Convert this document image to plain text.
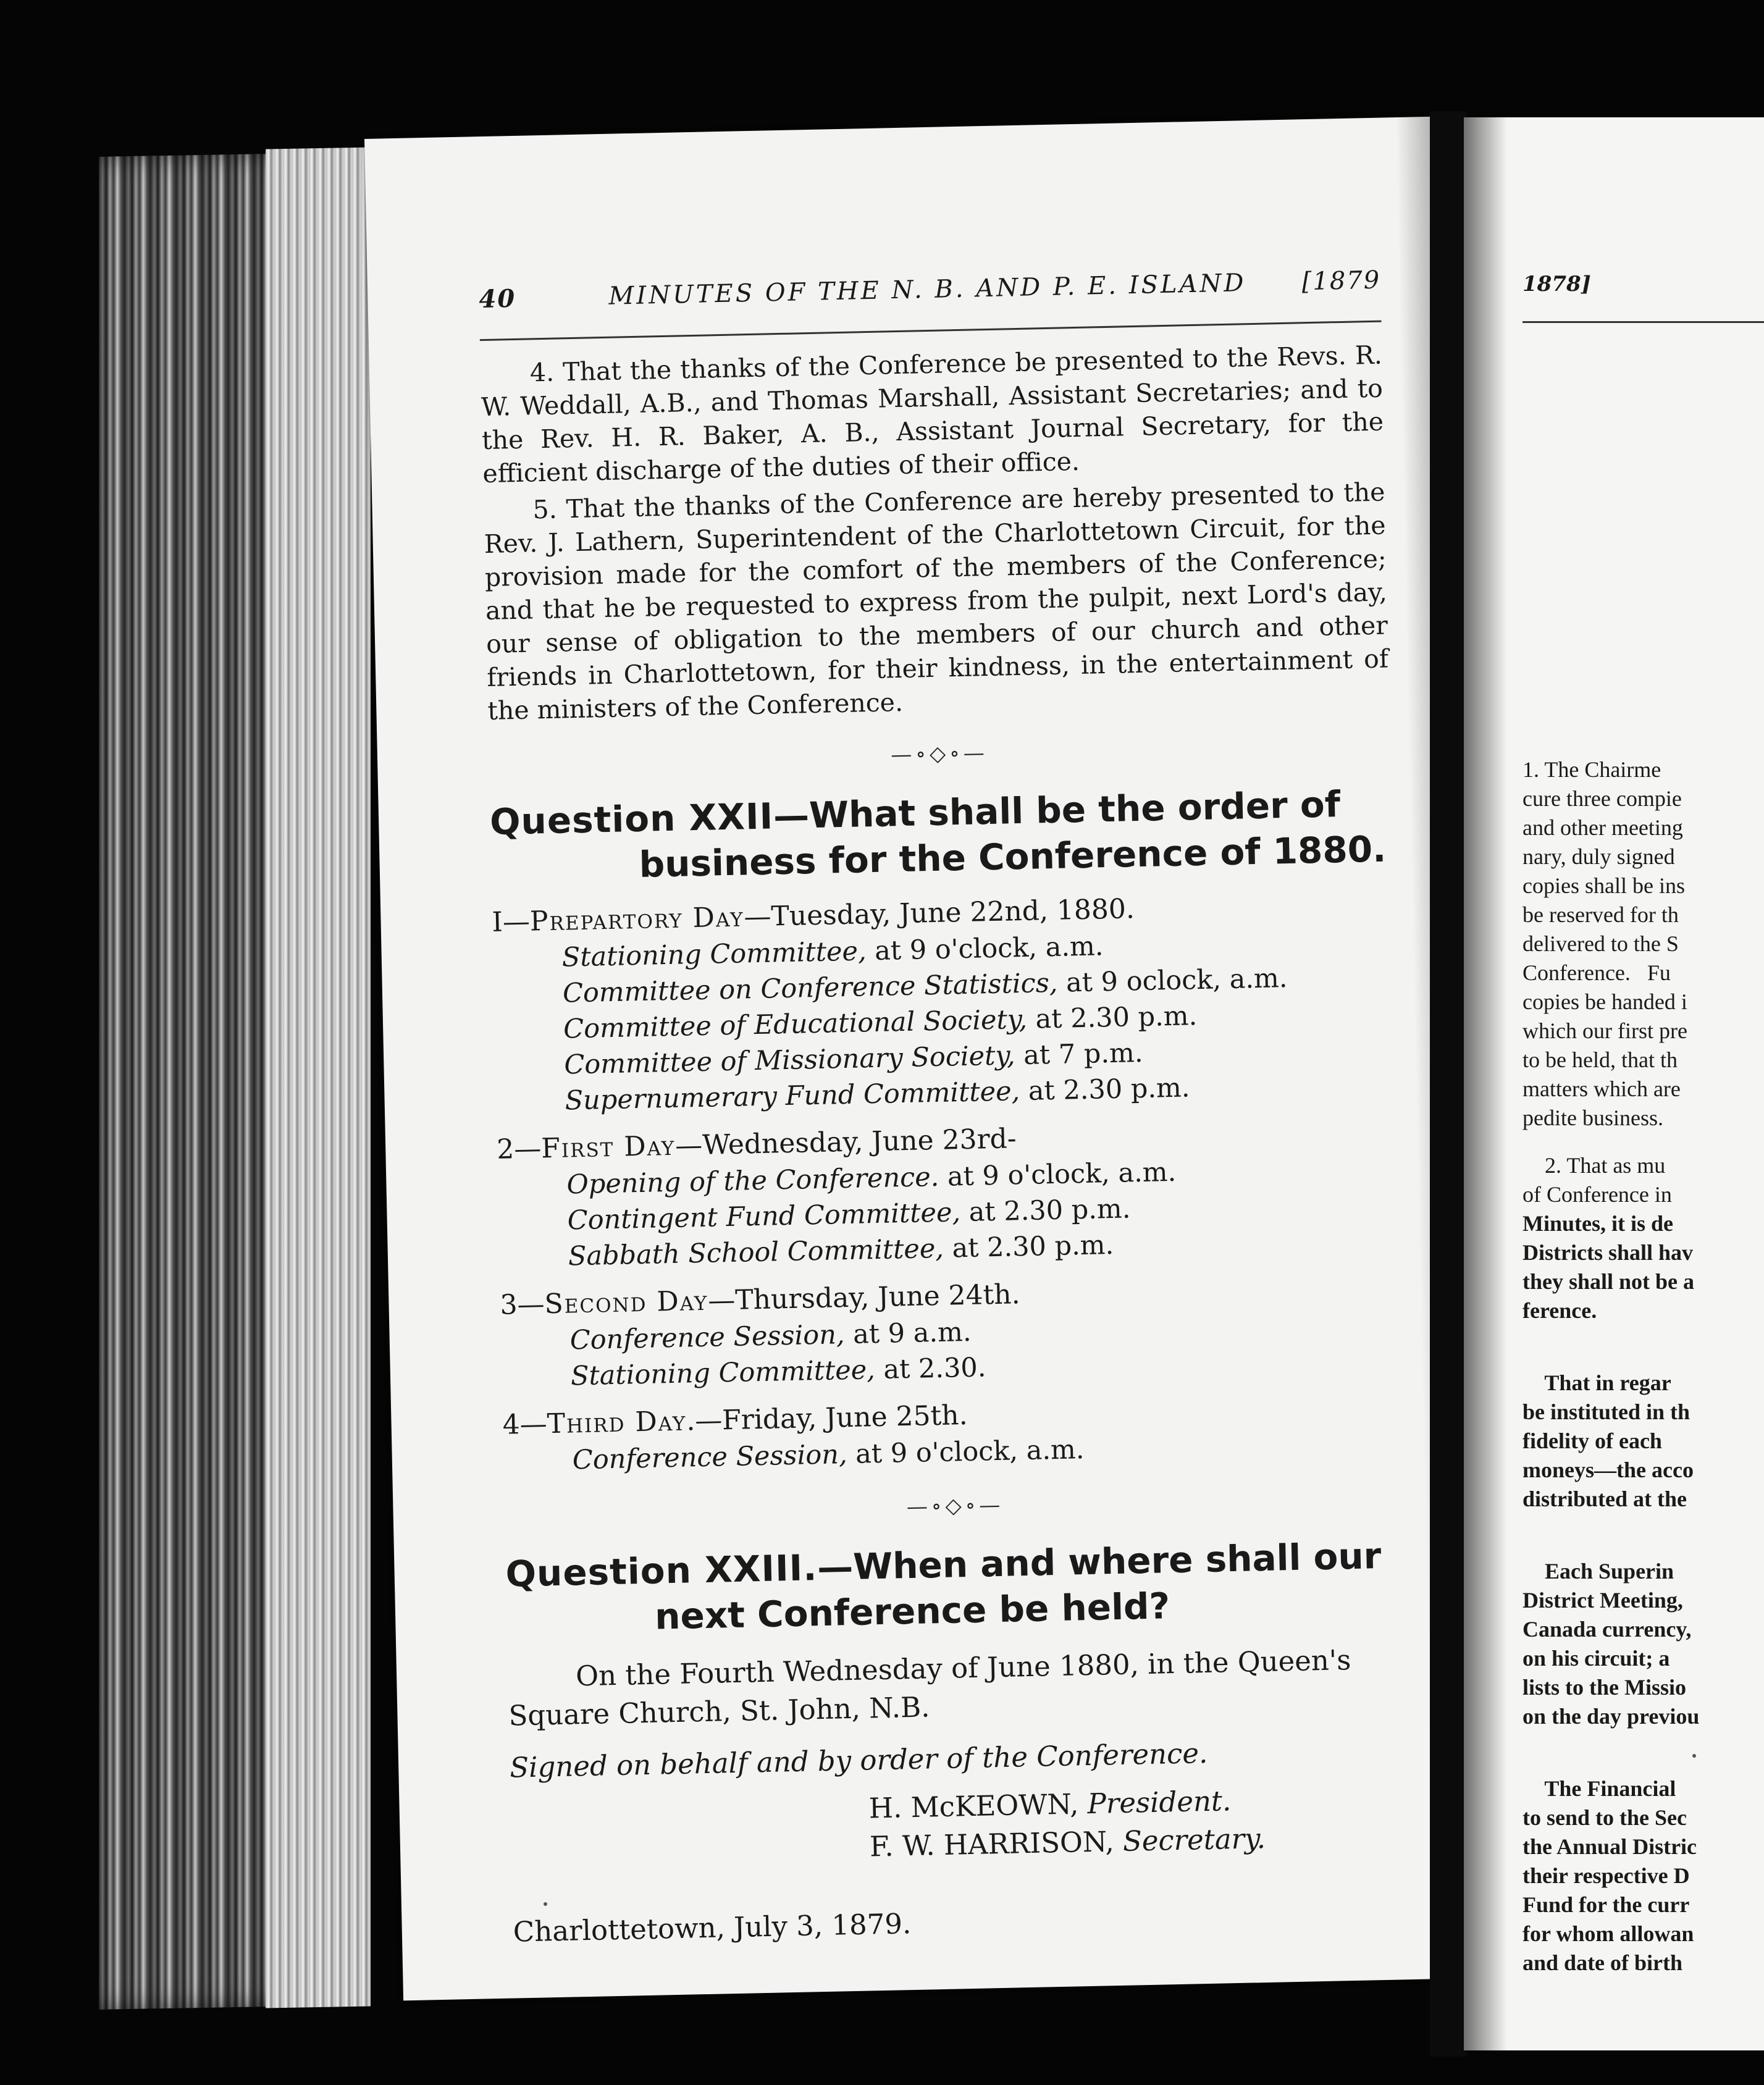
40	MINUTES OF THE N. B. AND P. E. ISLAND [1879

4. That the thanks of the Conference be presented to the Revs. R. W. Weddall, A.B., and Thomas Marshall, Assistant Secretaries; and to the Rev. H. R. Baker, A. B., Assistant Journal Secretary, for the efficient discharge of the duties of their office.

5. That the thanks of the Conference are hereby presented to the Rev. J. Lathern, Superintendent of the Charlottetown Circuit, for the provision made for the comfort of the members of the Conference; and that he be requested to express from the pulpit, next Lord's day, our sense of obligation to the members of our church and other friends in Charlottetown, for their kindness, in the entertainment of the ministers of the Conference.

—∘◇∘—
Question XXII—What shall be the order of business for the Conference of 1880.
I—Prepartory Day—Tuesday, June 22nd, 1880.
Stationing Committee, at 9 o'clock, a.m.
Committee on Conference Statistics, at 9 oclock, a.m.
Committee of Educational Society, at 2.30 p.m.
Committee of Missionary Society, at 7 p.m.
Supernumerary Fund Committee, at 2.30 p.m.
2—First Day—Wednesday, June 23rd-
Opening of the Conference. at 9 o'clock, a.m.
Contingent Fund Committee, at 2.30 p.m.
Sabbath School Committee, at 2.30 p.m.
3—Second Day—Thursday, June 24th.
Conference Session, at 9 a.m.
Stationing Committee, at 2.30.
4—Third Day.—Friday, June 25th.
Conference Session, at 9 o'clock, a.m.
—∘◇∘—
Question XXIII.—When and where shall our next Conference be held?

On the Fourth Wednesday of June 1880, in the Queen's Square Church, St. John, N.B.

Signed on behalf and by order of the Conference.
H. McKEOWN, President.
F. W. HARRISON, Secretary.
Charlottetown, July 3, 1879.
1878]
1. The Chairme
cure three compie
and other meeting
nary, duly signed
copies shall be ins
be reserved for th
delivered to the S
Conference.   Fu
copies be handed i
which our first pre
to be held, that th
matters which are
pedite business.
2. That as mu
of Conference in
Minutes, it is de
Districts shall hav
they shall not be a
ference.
That in regar
be instituted in th
fidelity of each
moneys—the acco
distributed at the
Each Superin
District Meeting,
Canada currency,
on his circuit; a
lists to the Missio
on the day previou
The Financial
to send to the Sec
the Annual Distric
their respective D
Fund for the curr
for whom allowan
and date of birth
